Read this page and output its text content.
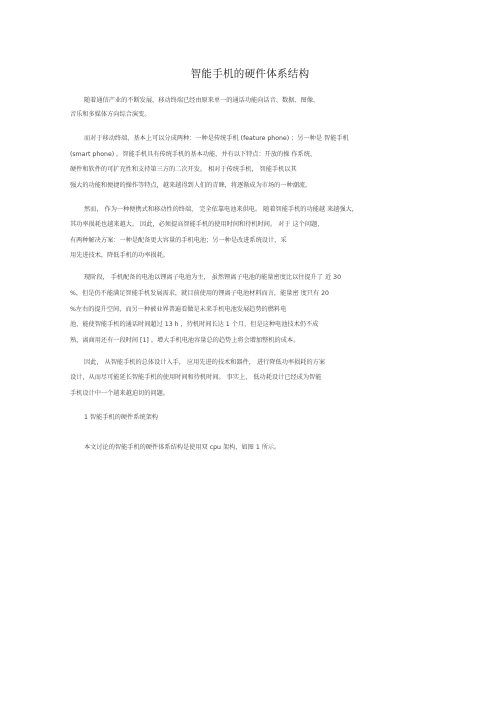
智能手机的硬件体系结构
随着通信产业的不断发展，移动终端已经由原来单一的通话功能向话音、数据、图像、
音乐和多媒体方向综合演变。
而对于移动终端，基本上可以分成两种：一种是传统手机 (feature phone) ；另一种是 智能手机
(smart phone) 。智能手机具有传统手机的基本功能，并有以下特点：开放的操 作系统、
硬件和软件的可扩充性和支持第三方的二次开发。 相对于传统手机， 智能手机以其
强大的功能和便捷的操作等特点，越来越得到人们的青睐，将逐渐成为市场的一种潮流。
然而， 作为一种便携式和移动性的终端， 完全依靠电池来供电。 随着智能手机的功能越 来越强大，
其功率损耗也越来越大。 因此，必须提高智能手机的使用时间和待机时间。 对于 这个问题，
有两种解决方案：一种是配备更大容量的手机电池；另一种是改进系统设计，采
用先进技术，降低手机的功率损耗。
现阶段， 手机配备的电池以锂离子电池为主， 虽然锂离子电池的能量密度比以往提升了 近 30
%，但是仍不能满足智能手机发展需求，就目前使用的锂离子电池材料而言，能量密 度只有 20
%左右的提升空间，而另一种被业界普遍看做是未来手机电池发展趋势的燃料电
池，能使智能手机的通话时间超过 13 h ，待机时间长达 1 个月，但是这种电池技术仍不成
熟，离商用还有一段时间 [1] 。增大手机电池容量总的趋势上将会增加整机的成本。
因此， 从智能手机的总体设计入手， 应用先进的技术和器件， 进行降低功率损耗的方案
设计，从而尽可能延长智能手机的使用时间和待机时间。 事实上， 低功耗设计已经成为智能
手机设计中一个越来越迫切的问题。
1 智能手机的硬件系统架构
本文讨论的智能手机的硬件体系结构是使用双 cpu 架构，如图 1 所示。
